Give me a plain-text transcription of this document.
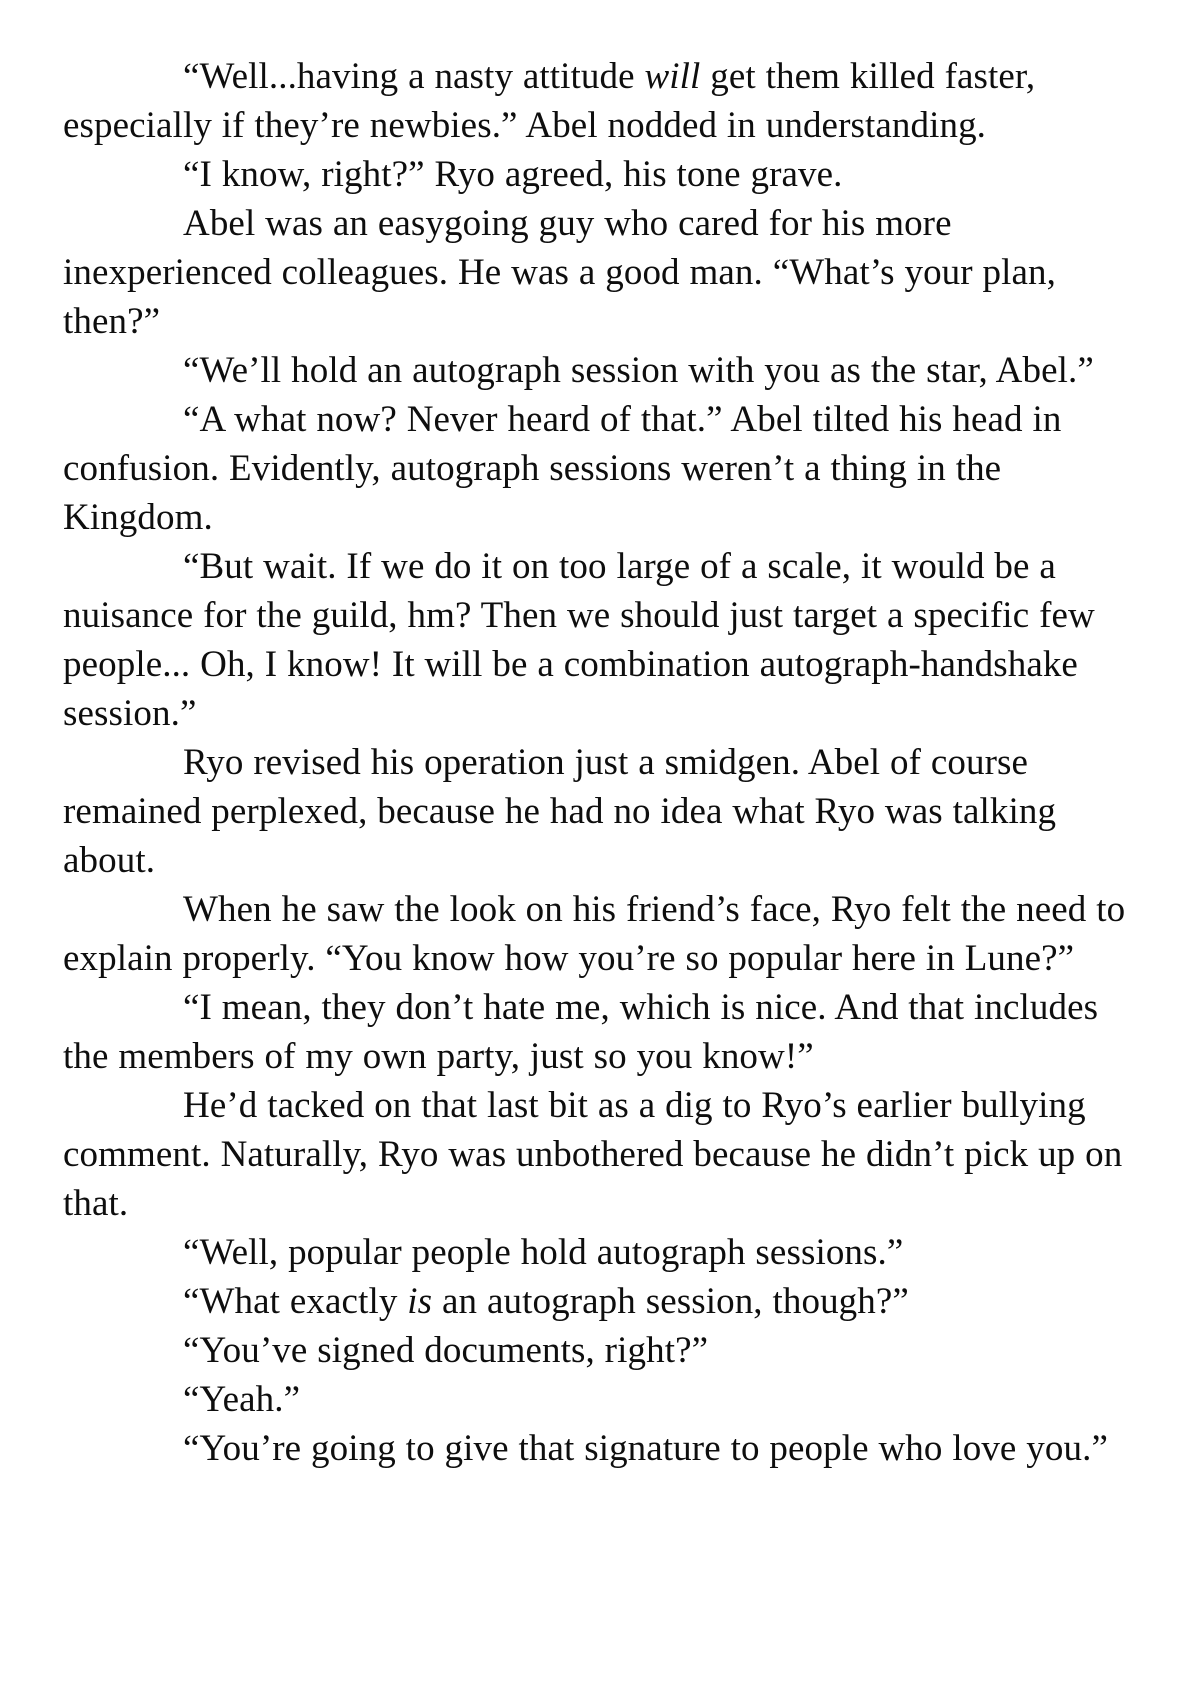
“Well...having a nasty attitude will get them killed faster, especially if they’re newbies.” Abel nodded in understanding.

“I know, right?” Ryo agreed, his tone grave.

Abel was an easygoing guy who cared for his more inexperienced colleagues. He was a good man. “What’s your plan, then?”

“We’ll hold an autograph session with you as the star, Abel.”

“A what now? Never heard of that.” Abel tilted his head in confusion. Evidently, autograph sessions weren’t a thing in the Kingdom.

“But wait. If we do it on too large of a scale, it would be a nuisance for the guild, hm? Then we should just target a specific few people... Oh, I know! It will be a combination autograph-handshake session.”

Ryo revised his operation just a smidgen. Abel of course remained perplexed, because he had no idea what Ryo was talking about.

When he saw the look on his friend’s face, Ryo felt the need to explain properly. “You know how you’re so popular here in Lune?”

“I mean, they don’t hate me, which is nice. And that includes the members of my own party, just so you know!”

He’d tacked on that last bit as a dig to Ryo’s earlier bullying comment. Naturally, Ryo was unbothered because he didn’t pick up on that.

“Well, popular people hold autograph sessions.”

“What exactly is an autograph session, though?”

“You’ve signed documents, right?”

“Yeah.”

“You’re going to give that signature to people who love you.”
